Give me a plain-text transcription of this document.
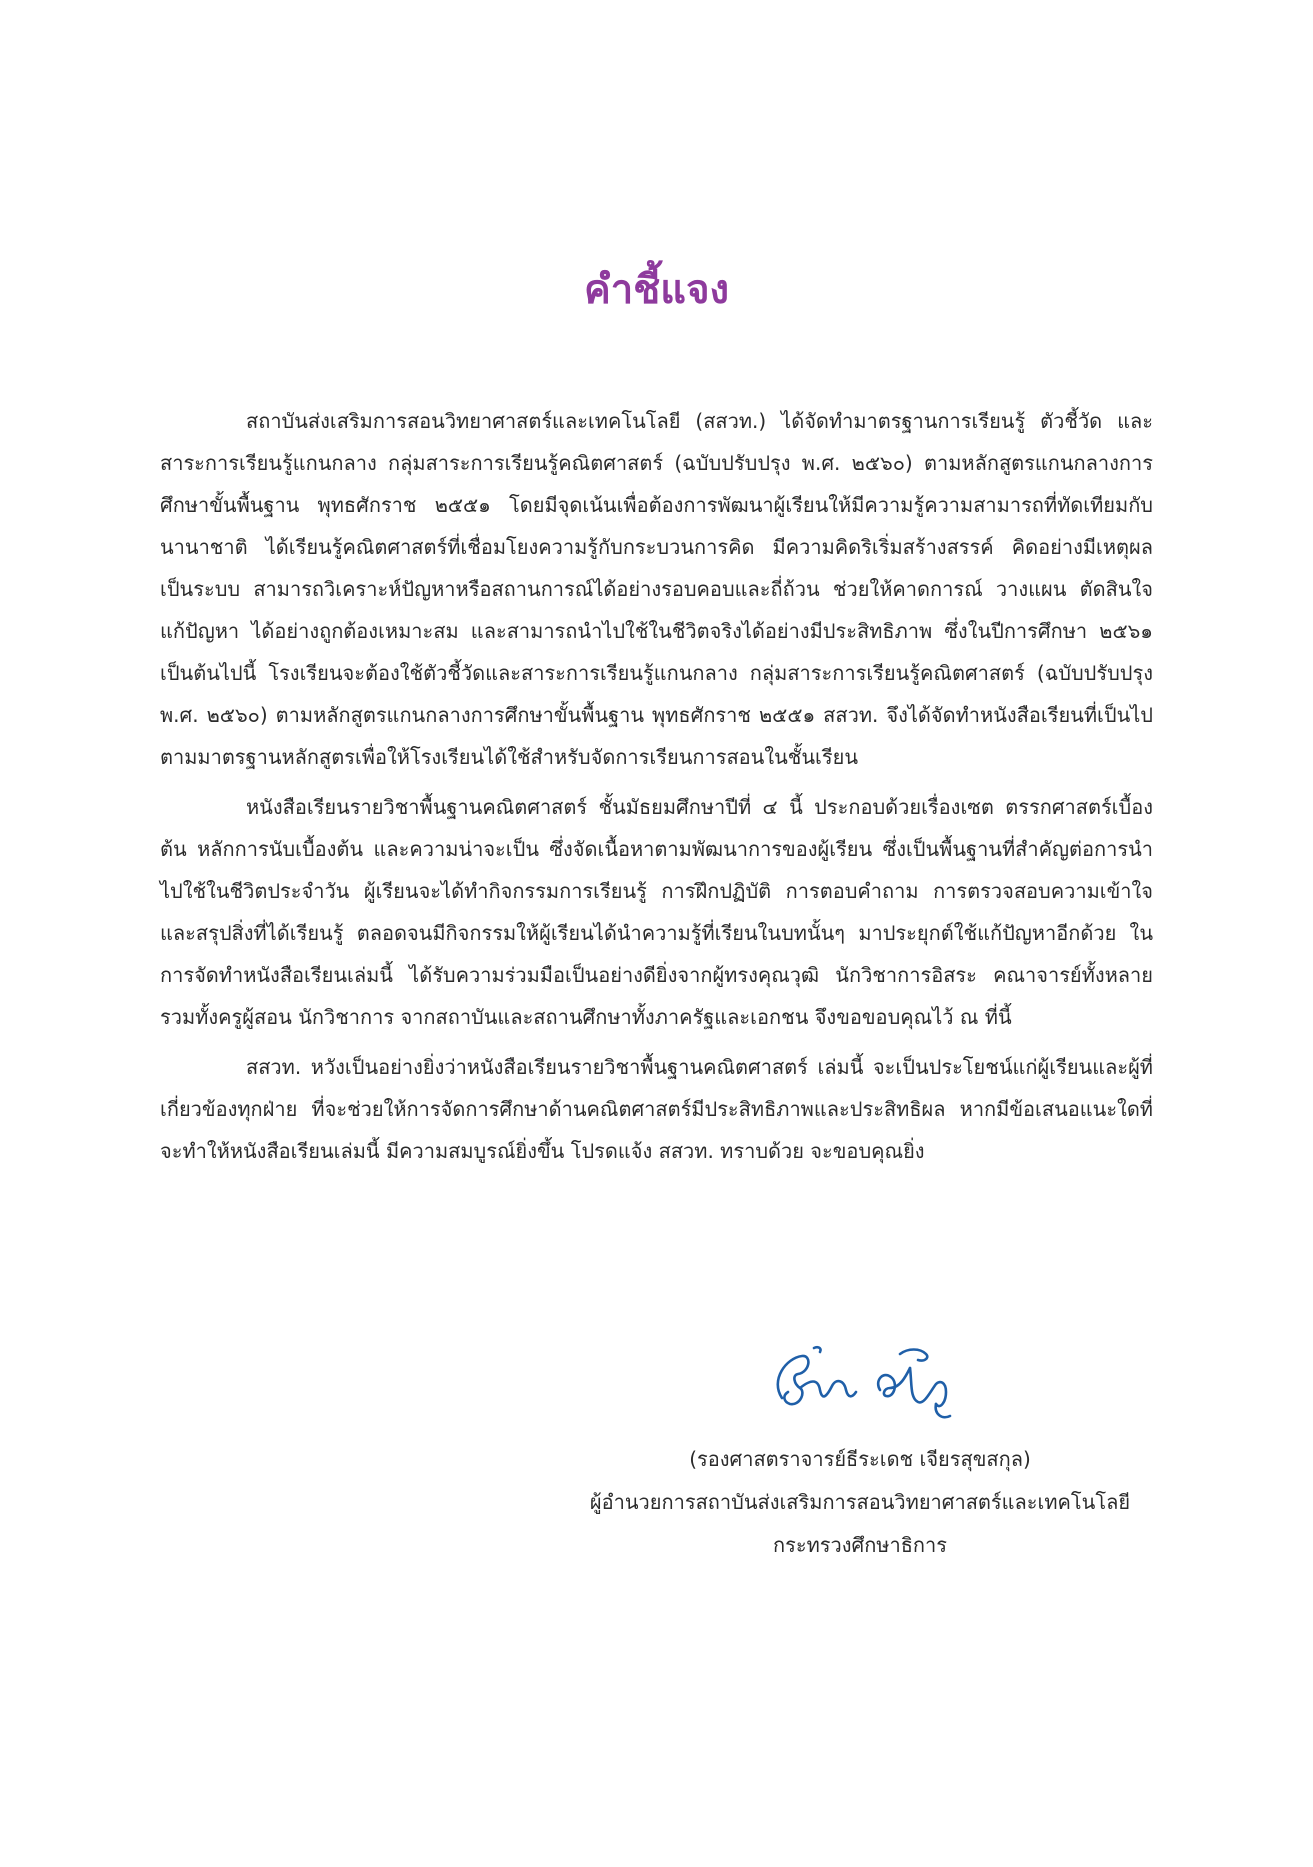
คำชี้แจง

สถาบันส่งเสริมการสอนวิทยาศาสตร์และเทคโนโลยี (สสวท.) ได้จัดทำมาตรฐานการเรียนรู้ ตัวชี้วัด และสาระการเรียนรู้แกนกลาง กลุ่มสาระการเรียนรู้คณิตศาสตร์ (ฉบับปรับปรุง พ.ศ. ๒๕๖๐) ตามหลักสูตรแกนกลางการศึกษาขั้นพื้นฐาน พุทธศักราช ๒๕๕๑ โดยมีจุดเน้นเพื่อต้องการพัฒนาผู้เรียนให้มีความรู้ความสามารถที่ทัดเทียมกับนานาชาติ ได้เรียนรู้คณิตศาสตร์ที่เชื่อมโยงความรู้กับกระบวนการคิด มีความคิดริเริ่มสร้างสรรค์ คิดอย่างมีเหตุผล เป็นระบบ สามารถวิเคราะห์ปัญหาหรือสถานการณ์ได้อย่างรอบคอบและถี่ถ้วน ช่วยให้คาดการณ์ วางแผน ตัดสินใจ แก้ปัญหา ได้อย่างถูกต้องเหมาะสม และสามารถนำไปใช้ในชีวิตจริงได้อย่างมีประสิทธิภาพ ซึ่งในปีการศึกษา ๒๕๖๑ เป็นต้นไปนี้ โรงเรียนจะต้องใช้ตัวชี้วัดและสาระการเรียนรู้แกนกลาง กลุ่มสาระการเรียนรู้คณิตศาสตร์ (ฉบับปรับปรุง พ.ศ. ๒๕๖๐) ตามหลักสูตรแกนกลางการศึกษาขั้นพื้นฐาน พุทธศักราช ๒๕๕๑ สสวท. จึงได้จัดทำหนังสือเรียนที่เป็นไปตามมาตรฐานหลักสูตรเพื่อให้โรงเรียนได้ใช้สำหรับจัดการเรียนการสอนในชั้นเรียน

หนังสือเรียนรายวิชาพื้นฐานคณิตศาสตร์ ชั้นมัธยมศึกษาปีที่ ๔ นี้ ประกอบด้วยเรื่องเซต ตรรกศาสตร์เบื้องต้น หลักการนับเบื้องต้น และความน่าจะเป็น ซึ่งจัดเนื้อหาตามพัฒนาการของผู้เรียน ซึ่งเป็นพื้นฐานที่สำคัญต่อการนำไปใช้ในชีวิตประจำวัน ผู้เรียนจะได้ทำกิจกรรมการเรียนรู้ การฝึกปฏิบัติ การตอบคำถาม การตรวจสอบความเข้าใจและสรุปสิ่งที่ได้เรียนรู้ ตลอดจนมีกิจกรรมให้ผู้เรียนได้นำความรู้ที่เรียนในบทนั้นๆ มาประยุกต์ใช้แก้ปัญหาอีกด้วย ในการจัดทำหนังสือเรียนเล่มนี้ ได้รับความร่วมมือเป็นอย่างดียิ่งจากผู้ทรงคุณวุฒิ นักวิชาการอิสระ คณาจารย์ทั้งหลาย รวมทั้งครูผู้สอน นักวิชาการ จากสถาบันและสถานศึกษาทั้งภาครัฐและเอกชน จึงขอขอบคุณไว้ ณ ที่นี้

สสวท. หวังเป็นอย่างยิ่งว่าหนังสือเรียนรายวิชาพื้นฐานคณิตศาสตร์ เล่มนี้ จะเป็นประโยชน์แก่ผู้เรียนและผู้ที่เกี่ยวข้องทุกฝ่าย ที่จะช่วยให้การจัดการศึกษาด้านคณิตศาสตร์มีประสิทธิภาพและประสิทธิผล หากมีข้อเสนอแนะใดที่จะทำให้หนังสือเรียนเล่มนี้ มีความสมบูรณ์ยิ่งขึ้น โปรดแจ้ง สสวท. ทราบด้วย จะขอบคุณยิ่ง

(รองศาสตราจารย์ธีระเดช เจียรสุขสกุล)

ผู้อำนวยการสถาบันส่งเสริมการสอนวิทยาศาสตร์และเทคโนโลยี

กระทรวงศึกษาธิการ
